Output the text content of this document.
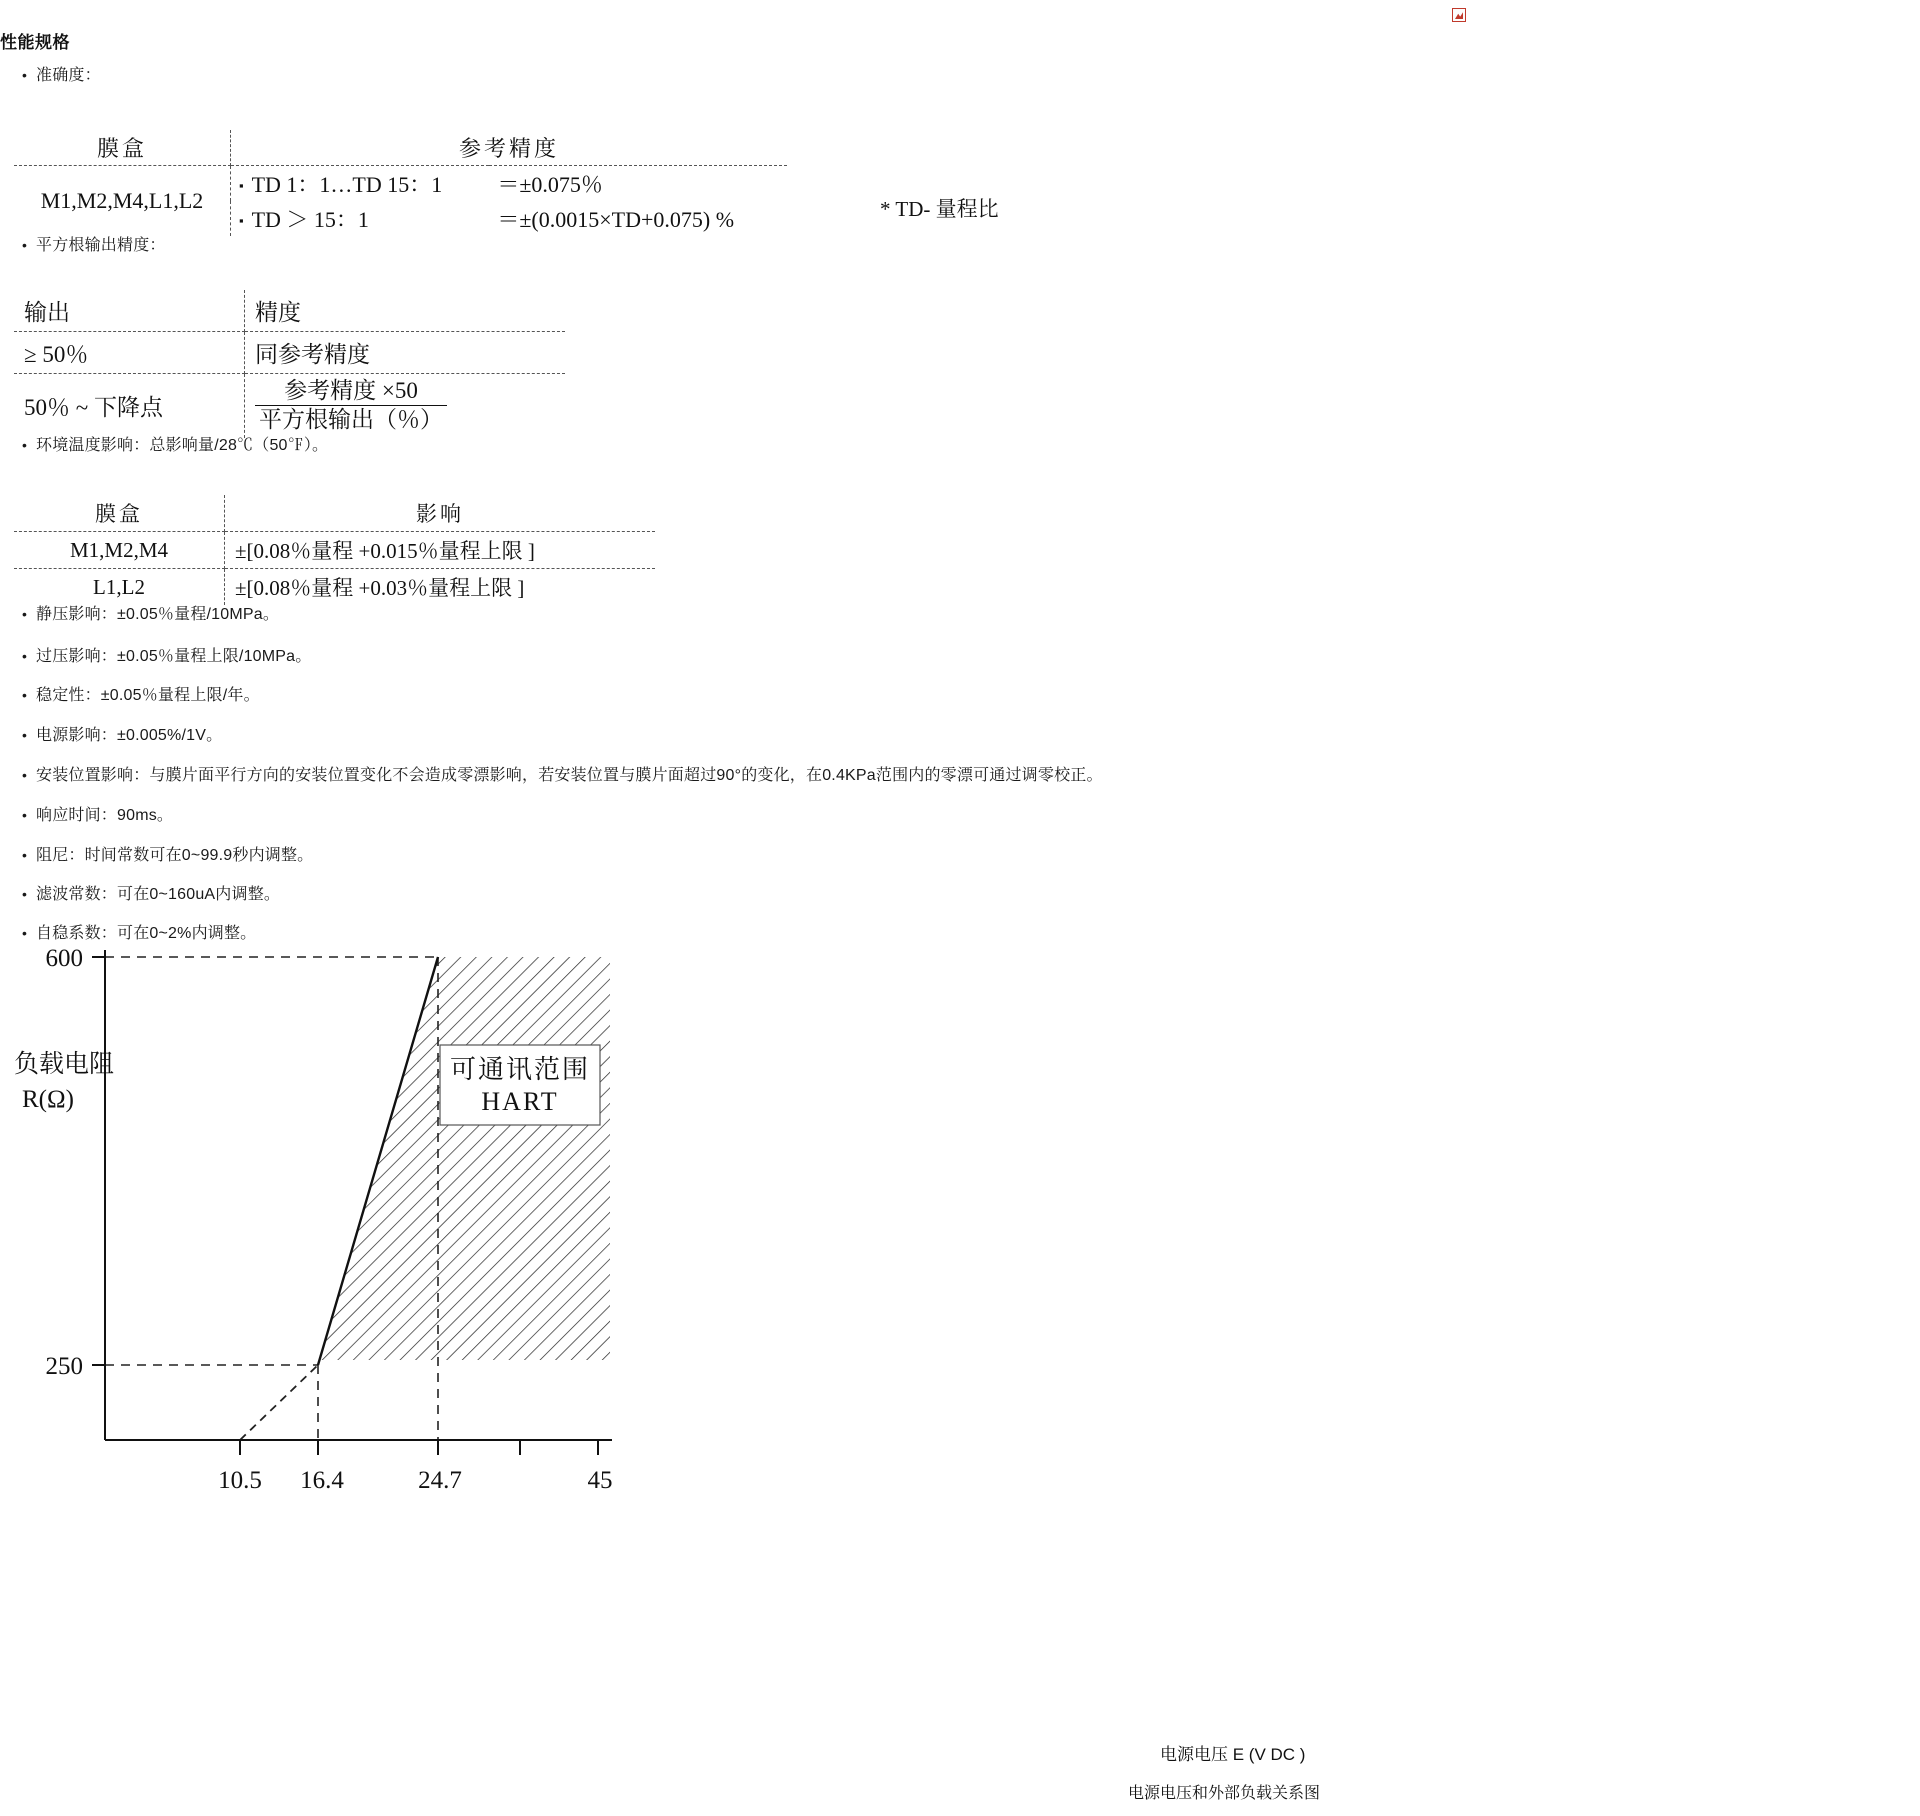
性能规格
•准确度：
膜盒	参考精度	
M1,M2,M4,L1,L2	▪ TD 1：1…TD 15：1	＝±0.075％
	▪ TD ＞ 15：1	＝±(0.0015×TD+0.075) %	* TD- 量程比
•平方根输出精度：
输出	精度
≥ 50％	同参考精度
50％ ~ 下降点	$\frac{\text{参考精度 ×50}}{\text{平方根输出（％）}}$
•环境温度影响：总影响量/28℃（50℉）。
膜盒	影响
M1,M2,M4	±[0.08％量程 +0.015％量程上限 ]
L1,L2	±[0.08％量程 +0.03％量程上限 ]
•静压影响：±0.05％量程/10MPa。
•过压影响：±0.05％量程上限/10MPa。
•稳定性：±0.05％量程上限/年。
•电源影响：±0.005%/1V。
•安装位置影响：与膜片面平行方向的安装位置变化不会造成零漂影响，若安装位置与膜片面超过90°的变化，在0.4KPa范围内的零漂可通过调零校正。
•响应时间：90ms。
•阻尼：时间常数可在0~99.9秒内调整。
•滤波常数：可在0~160uA内调整。
•自稳系数：可在0~2%内调整。
600
250
10.5 16.4	24.7	45
负载电阻
R(Ω)
可通讯范围
HART
电源电压 E (V DC )
电源电压和外部负载关系图
